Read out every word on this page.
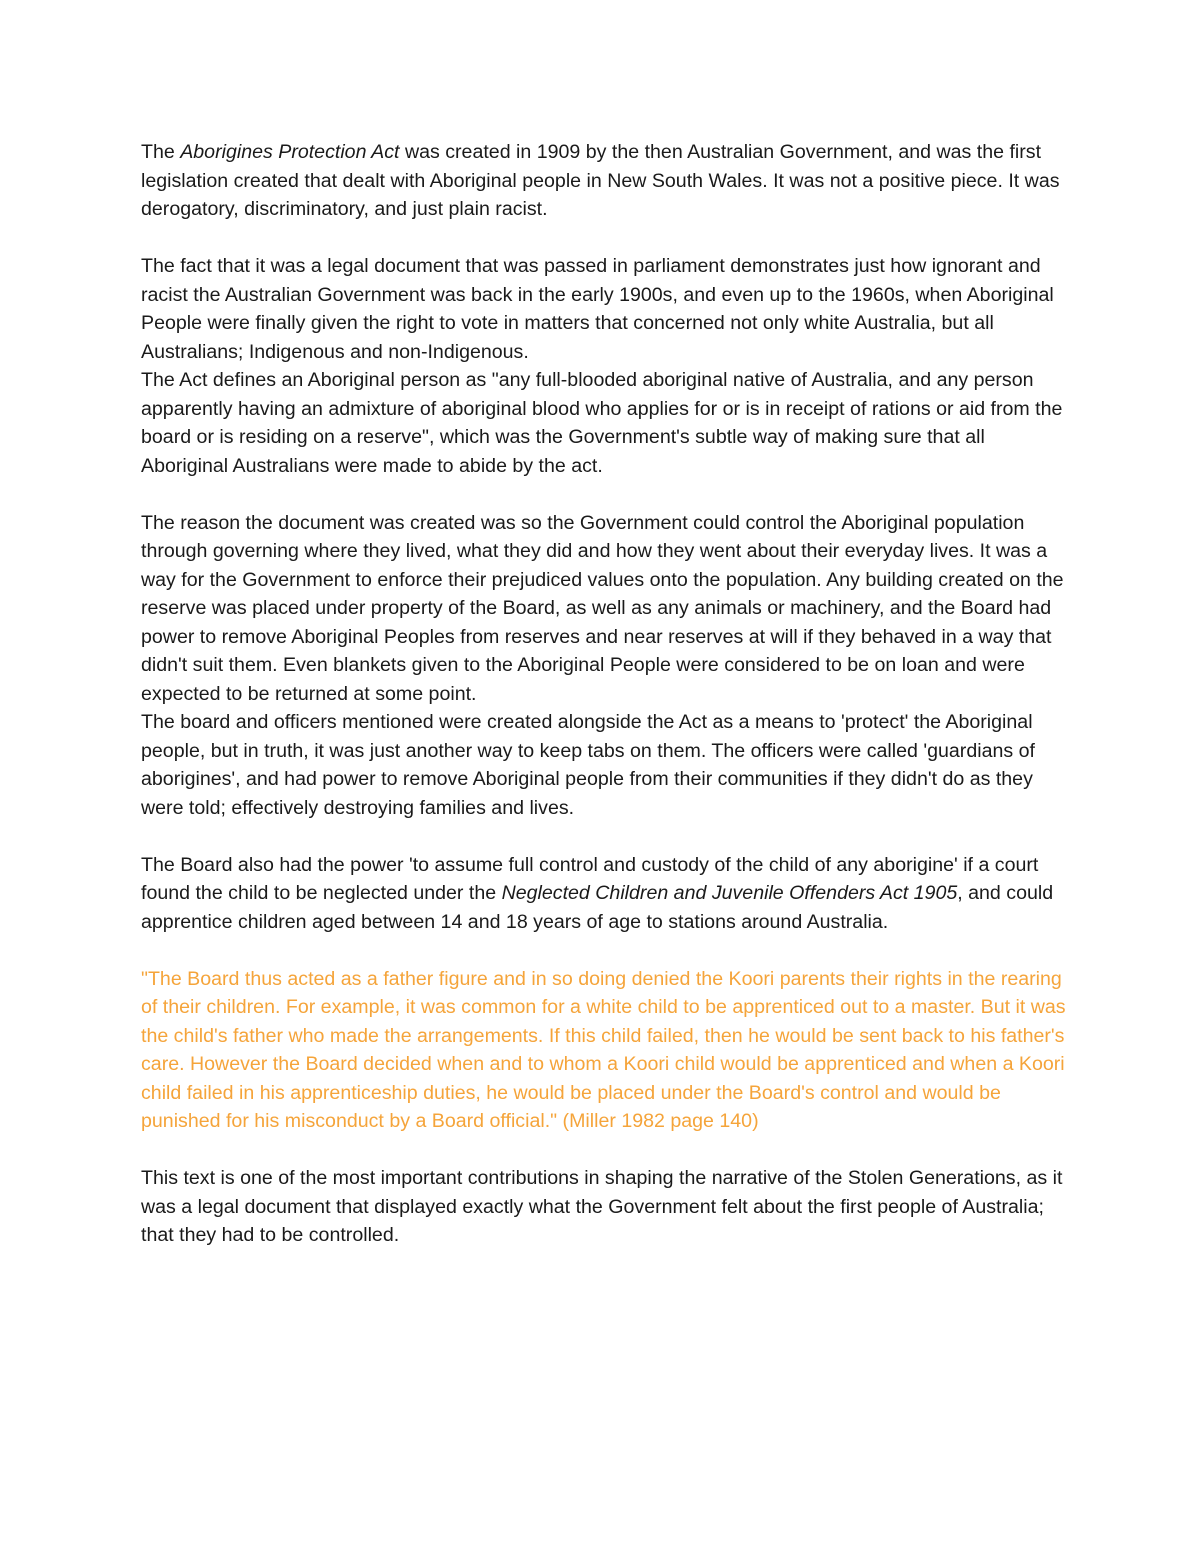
The Aborigines Protection Act was created in 1909 by the then Australian Government, and was the first legislation created that dealt with Aboriginal people in New South Wales. It was not a positive piece. It was derogatory, discriminatory, and just plain racist.

The fact that it was a legal document that was passed in parliament demonstrates just how ignorant and racist the Australian Government was back in the early 1900s, and even up to the 1960s, when Aboriginal People were finally given the right to vote in matters that concerned not only white Australia, but all Australians; Indigenous and non-Indigenous.

The Act defines an Aboriginal person as "any full-blooded aboriginal native of Australia, and any person apparently having an admixture of aboriginal blood who applies for or is in receipt of rations or aid from the board or is residing on a reserve", which was the Government's subtle way of making sure that all Aboriginal Australians were made to abide by the act.

The reason the document was created was so the Government could control the Aboriginal population through governing where they lived, what they did and how they went about their everyday lives. It was a way for the Government to enforce their prejudiced values onto the population. Any building created on the reserve was placed under property of the Board, as well as any animals or machinery, and the Board had power to remove Aboriginal Peoples from reserves and near reserves at will if they behaved in a way that didn't suit them. Even blankets given to the Aboriginal People were considered to be on loan and were expected to be returned at some point.

The board and officers mentioned were created alongside the Act as a means to 'protect' the Aboriginal people, but in truth, it was just another way to keep tabs on them. The officers were called 'guardians of aborigines', and had power to remove Aboriginal people from their communities if they didn't do as they were told; effectively destroying families and lives.

The Board also had the power 'to assume full control and custody of the child of any aborigine' if a court found the child to be neglected under the Neglected Children and Juvenile Offenders Act 1905, and could apprentice children aged between 14 and 18 years of age to stations around Australia.

"The Board thus acted as a father figure and in so doing denied the Koori parents their rights in the rearing of their children. For example, it was common for a white child to be apprenticed out to a master. But it was the child's father who made the arrangements. If this child failed, then he would be sent back to his father's care. However the Board decided when and to whom a Koori child would be apprenticed and when a Koori child failed in his apprenticeship duties, he would be placed under the Board's control and would be punished for his misconduct by a Board official." (Miller 1982 page 140)

This text is one of the most important contributions in shaping the narrative of the Stolen Generations, as it was a legal document that displayed exactly what the Government felt about the first people of Australia; that they had to be controlled.
